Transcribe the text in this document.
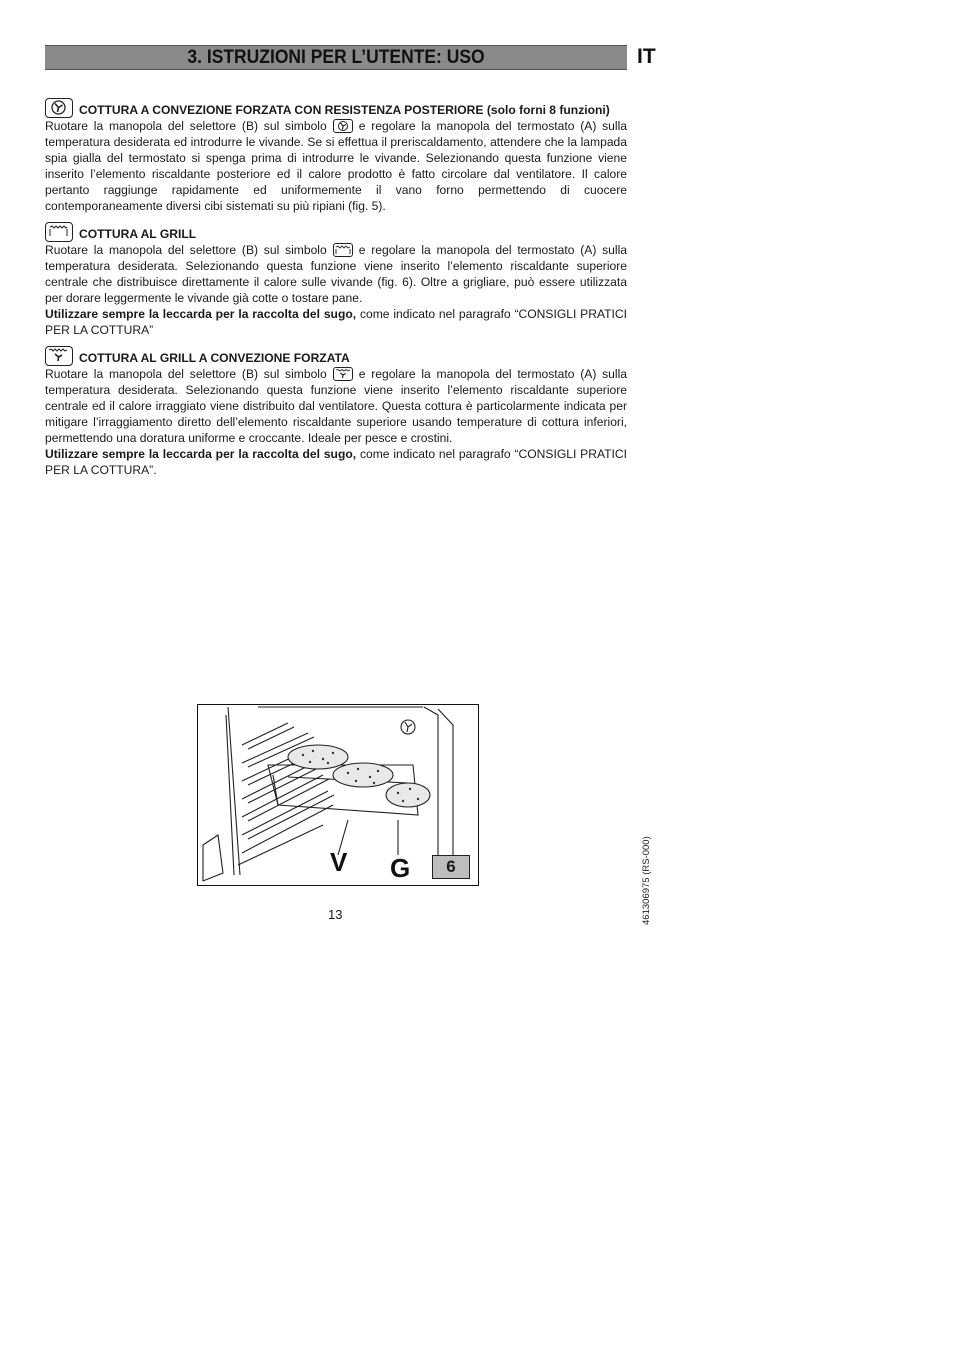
3. ISTRUZIONI PER L’UTENTE: USO	IT
COTTURA A CONVEZIONE FORZATA CON RESISTENZA POSTERIORE (solo forni 8 funzioni)
Ruotare la manopola del selettore (B) sul simbolo	e regolare la manopola del termostato (A) sulla temperatura desiderata ed introdurre le vivande. Se si effettua il preriscaldamento, attendere che la lampada spia gialla del termostato si spenga prima di introdurre le vivande. Selezionando questa funzione viene inserito l’elemento riscaldante posteriore ed il calore prodotto è fatto circolare dal ventilatore. Il calore pertanto raggiunge rapidamente ed uniformemente il vano forno permettendo di cuocere contemporaneamente diversi cibi sistemati su più ripiani (fig. 5).
COTTURA AL GRILL
Ruotare la manopola del selettore (B) sul simbolo	e regolare la manopola del termostato (A) sulla temperatura desiderata. Selezionando questa funzione viene inserito l’elemento riscaldante superiore centrale che distribuisce direttamente il calore sulle vivande (fig. 6). Oltre a grigliare, può essere utilizzata per dorare leggermente le vivande già cotte o tostare pane.
Utilizzare sempre la leccarda per la raccolta del sugo, come indicato nel paragrafo “CONSIGLI PRATICI PER LA COTTURA”
COTTURA AL GRILL A CONVEZIONE FORZATA
Ruotare la manopola del selettore (B) sul simbolo	e regolare la manopola del termostato (A) sulla temperatura desiderata. Selezionando questa funzione viene inserito l’elemento riscaldante superiore centrale ed il calore irraggiato viene distribuito dal ventilatore. Questa cottura è particolarmente indicata per mitigare l’irraggiamento diretto dell’elemento riscaldante superiore usando temperature di cottura inferiori, permettendo una doratura uniforme e croccante. Ideale per pesce e crostini.
Utilizzare sempre la leccarda per la raccolta del sugo, come indicato nel paragrafo “CONSIGLI PRATICI PER LA COTTURA”.
V G	6
13	461306975 (RS-000)
